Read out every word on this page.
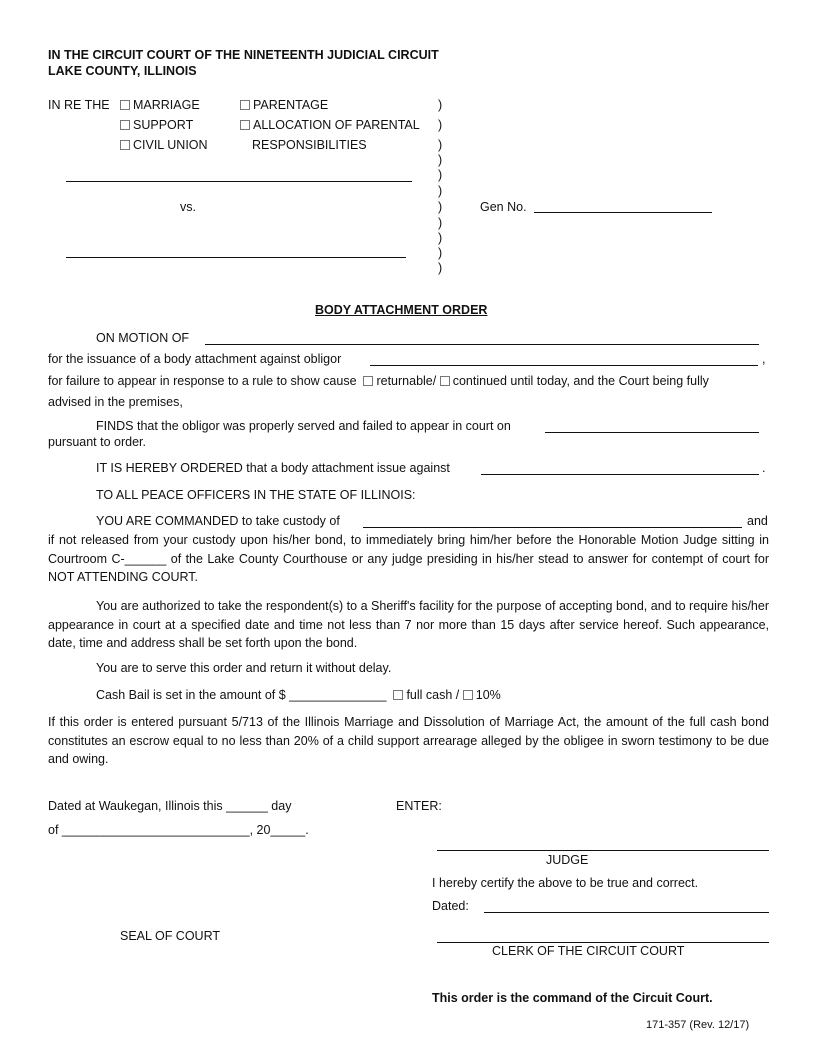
IN THE CIRCUIT COURT OF THE NINETEENTH JUDICIAL CIRCUIT
LAKE COUNTY, ILLINOIS
IN RE THE	MARRIAGE
SUPPORT
CIVIL UNION
PARENTAGE
ALLOCATION OF PARENTAL
RESPONSIBILITIES
)
)
)
)
)
)
)
)
)
)
)
vs.	Gen No.
BODY ATTACHMENT ORDER
ON MOTION OF
for the issuance of a body attachment against obligor	,
for failure to appear in response to a rule to show cause returnable/ continued until today, and the Court being fully
advised in the premises,
FINDS that the obligor was properly served and failed to appear in court on
pursuant to order.
IT IS HEREBY ORDERED that a body attachment issue against	.
TO ALL PEACE OFFICERS IN THE STATE OF ILLINOIS:
YOU ARE COMMANDED to take custody of	and
if not released from your custody upon his/her bond, to immediately bring him/her before the Honorable Motion Judge sitting in Courtroom C-______ of the Lake County Courthouse or any judge presiding in his/her stead to answer for contempt of court for NOT ATTENDING COURT.
You are authorized to take the respondent(s) to a Sheriff's facility for the purpose of accepting bond, and to require his/her appearance in court at a specified date and time not less than 7 nor more than 15 days after service hereof. Such appearance, date, time and address shall be set forth upon the bond.
You are to serve this order and return it without delay.
Cash Bail is set in the amount of $ ______________ full cash / 10%
If this order is entered pursuant 5/713 of the Illinois Marriage and Dissolution of Marriage Act, the amount of the full cash bond constitutes an escrow equal to no less than 20% of a child support arrearage alleged by the obligee in sworn testimony to be due and owing.
Dated at Waukegan, Illinois this ______ day	ENTER:
of ___________________________, 20_____.
JUDGE
I hereby certify the above to be true and correct.
Dated:
SEAL OF COURT
CLERK OF THE CIRCUIT COURT
This order is the command of the Circuit Court.
171-357 (Rev. 12/17)
